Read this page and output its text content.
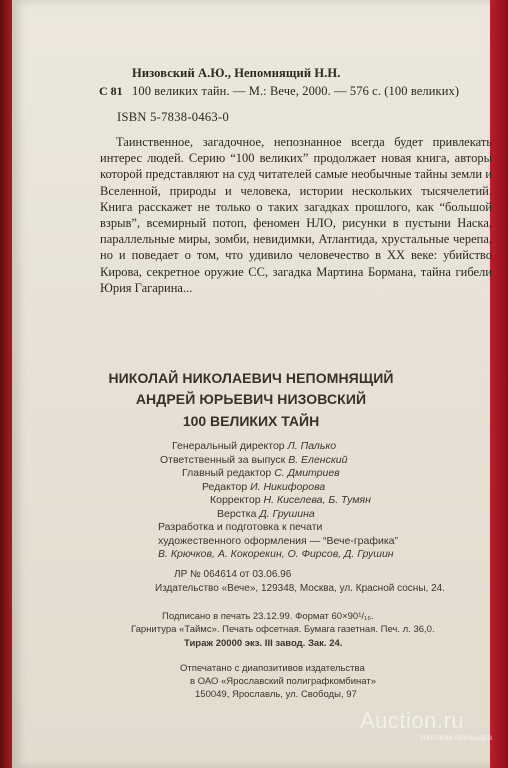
С 81
Низовский А.Ю., Непомнящий Н.Н.
100 великих тайн. — М.: Вече, 2000. — 576 с. (100 великих)
ISBN 5-7838-0463-0
Таинственное, загадочное, непознанное всегда будет привлекать интерес людей. Серию “100 великих” продолжает новая книга, авторы которой представляют на суд читателей самые необычные тайны земли и Вселенной, природы и человека, истории нескольких тысячелетий. Книга расскажет не только о таких загадках прошлого, как “большой взрыв”, всемирный потоп, феномен НЛО, рисунки в пустыни Наска, параллельные миры, зомби, невидимки, Атлантида, хрустальные черепа, но и поведает о том, что удивило человечество в XX веке: убийство Кирова, секретное оружие СС, загадка Мартина Бормана, тайна гибели Юрия Гагарина...
НИКОЛАЙ НИКОЛАЕВИЧ НЕПОМНЯЩИЙ
АНДРЕЙ ЮРЬЕВИЧ НИЗОВСКИЙ
100 ВЕЛИКИХ ТАЙН
Генеральный директор Л. Палько
Ответственный за выпуск В. Еленский
Главный редактор С. Дмитриев
Редактор И. Никифорова
Корректор Н. Киселева, Б. Тумян
Верстка Д. Грушина
Разработка и подготовка к печати
художественного оформления — “Вече-графика”
В. Крючков, А. Кокорекин, О. Фирсов, Д. Грушин
ЛР № 064614 от 03.06.96
Издательство «Вече», 129348, Москва, ул. Красной сосны, 24.
Подписано в печать 23.12.99. Формат 60×90¹/₁₆.
Гарнитура «Таймс». Печать офсетная. Бумага газетная. Печ. л. 36,0.
Тираж 20000 экз. III завод. Зак. 24.
Отпечатано с диапозитивов издательства
в ОАО «Ярославский полиграфкомбинат»
150049, Ярославль, ул. Свободы, 97
Auction.ru
торговая площадка
